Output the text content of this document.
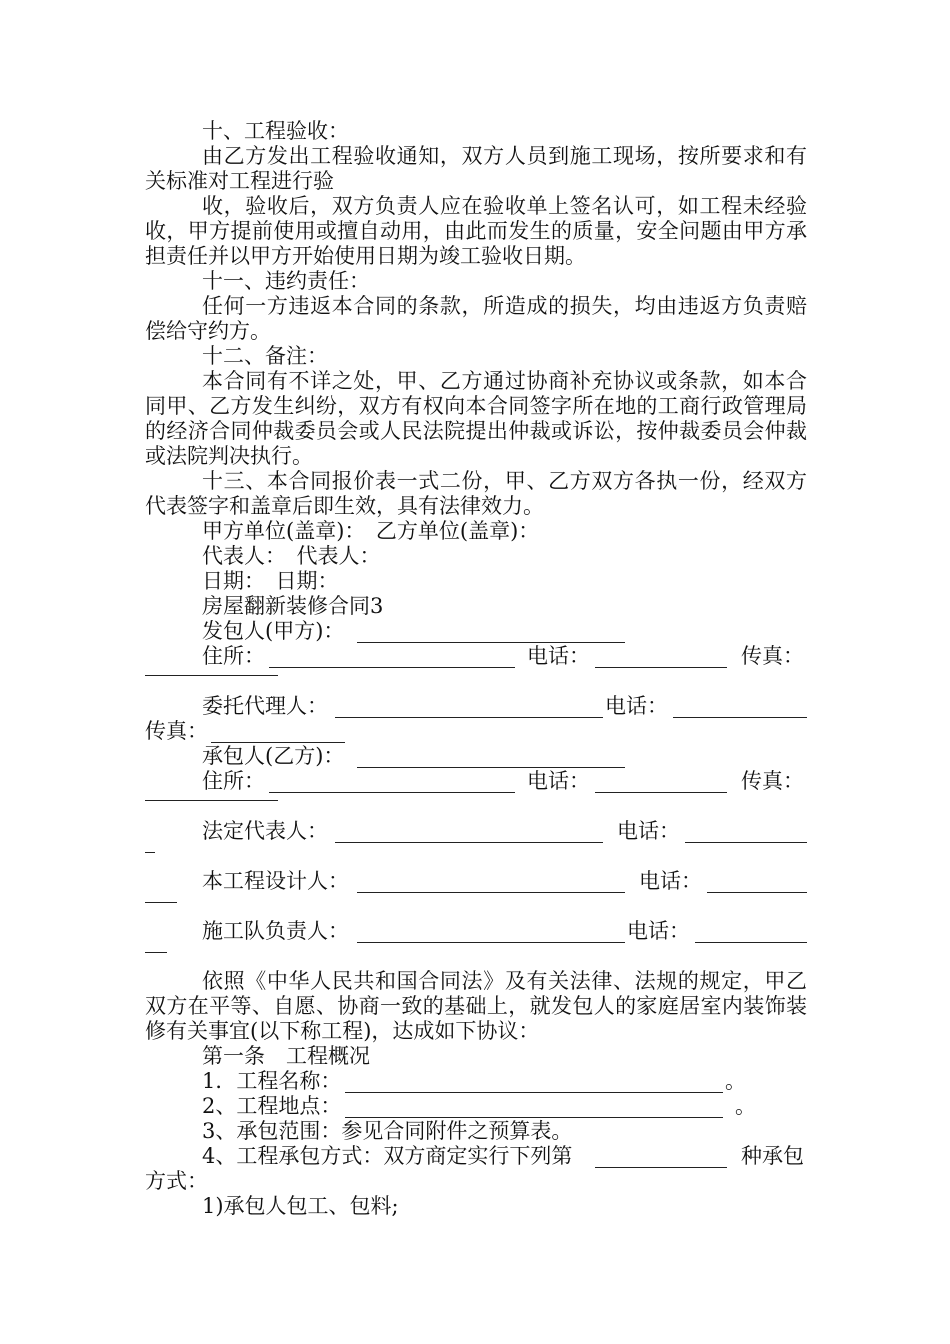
十、工程验收：
由乙方发出工程验收通知，双方人员到施工现场，按所要求和有关标准对工程进行验
收，验收后，双方负责人应在验收单上签名认可，如工程未经验收，甲方提前使用或擅自动用，由此而发生的质量，安全问题由甲方承担责任并以甲方开始使用日期为竣工验收日期。
十一、违约责任：
任何一方违返本合同的条款，所造成的损失，均由违返方负责赔偿给守约方。
十二、备注：
本合同有不详之处，甲、乙方通过协商补充协议或条款，如本合同甲、乙方发生纠纷，双方有权向本合同签字所在地的工商行政管理局的经济合同仲裁委员会或人民法院提出仲裁或诉讼，按仲裁委员会仲裁或法院判决执行。
十三、本合同报价表一式二份，甲、乙方双方各执一份，经双方代表签字和盖章后即生效，具有法律效力。
甲方单位(盖章)：　乙方单位(盖章)：
代表人：　代表人：
日期：　日期：
房屋翻新装修合同3
发包人(甲方)：
住所：	电话：	传真：
委托代理人：	电话：
传真：
承包人(乙方)：
住所：	电话：	传真：
法定代表人：	电话：
本工程设计人：	电话：
施工队负责人：	电话：
依照《中华人民共和国合同法》及有关法律、法规的规定，甲乙双方在平等、自愿、协商一致的基础上，就发包人的家庭居室内装饰装修有关事宜(以下称工程)，达成如下协议：
第一条　工程概况
1．工程名称：	。
2、工程地点：	。
3、承包范围：参见合同附件之预算表。
4、工程承包方式：双方商定实行下列第	种承包
方式：
1)承包人包工、包料;
